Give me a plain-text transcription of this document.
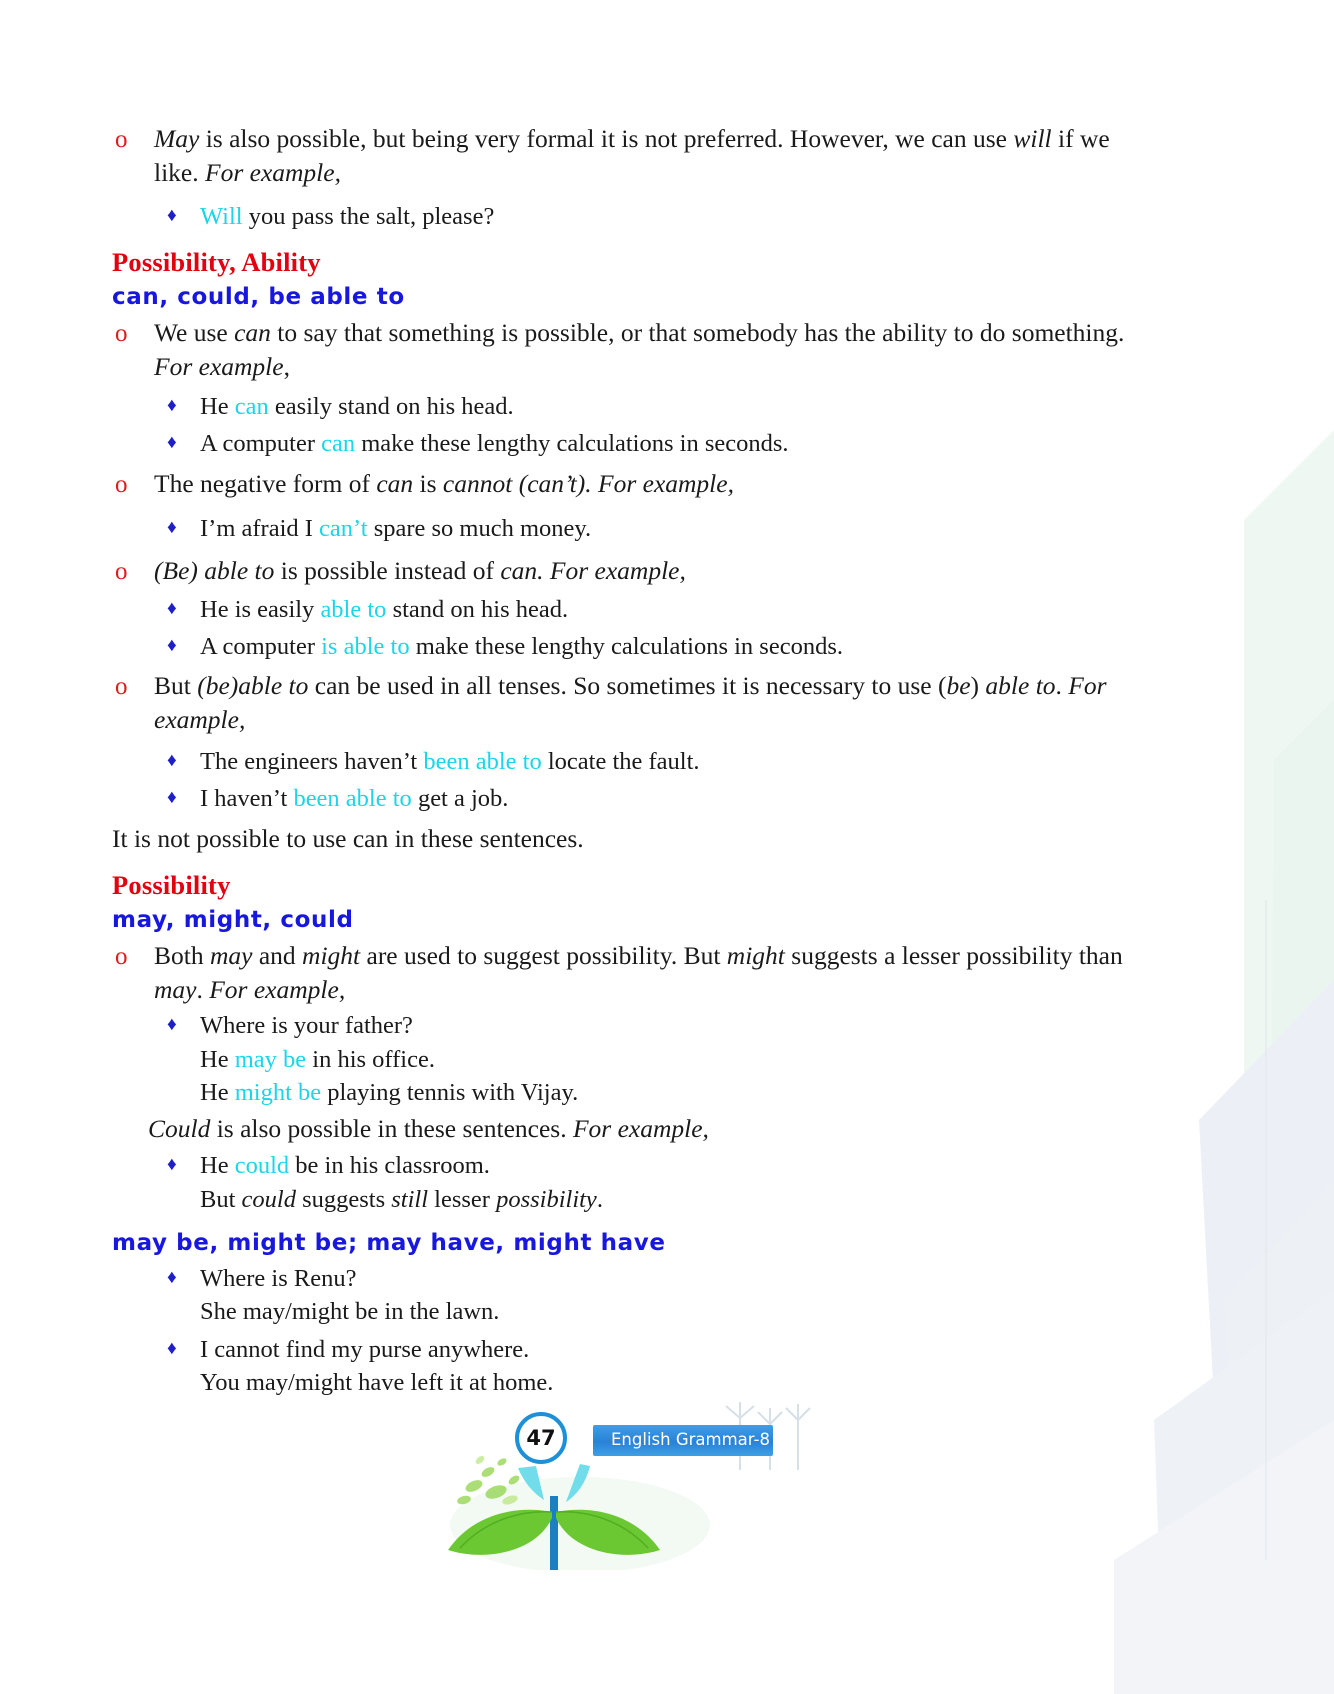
o May is also possible, but being very formal it is not preferred. However, we can use will if we like. For example,

♦ Will you pass the salt, please?

Possibility, Ability
can, could, be able to

o We use can to say that something is possible, or that somebody has the ability to do something. For example,

♦ He can easily stand on his head.

♦ A computer can make these lengthy calculations in seconds.

o The negative form of can is cannot (can’t). For example,

♦ I’m afraid I can’t spare so much money.

o (Be) able to is possible instead of can. For example,

♦ He is easily able to stand on his head.

♦ A computer is able to make these lengthy calculations in seconds.

o But (be)able to can be used in all tenses. So sometimes it is necessary to use (be) able to. For example,

♦ The engineers haven’t been able to locate the fault.

♦ I haven’t been able to get a job.

It is not possible to use can in these sentences.

Possibility
may, might, could

o Both may and might are used to suggest possibility. But might suggests a lesser possibility than may. For example,

♦ Where is your father?
He may be in his office.
He might be playing tennis with Vijay.

Could is also possible in these sentences. For example,

♦ He could be in his classroom.
But could suggests still lesser possibility.

may be, might be; may have, might have

♦ Where is Renu?
She may/might be in the lawn.

♦ I cannot find my purse anywhere.
You may/might have left it at home.

English Grammar-8
47
